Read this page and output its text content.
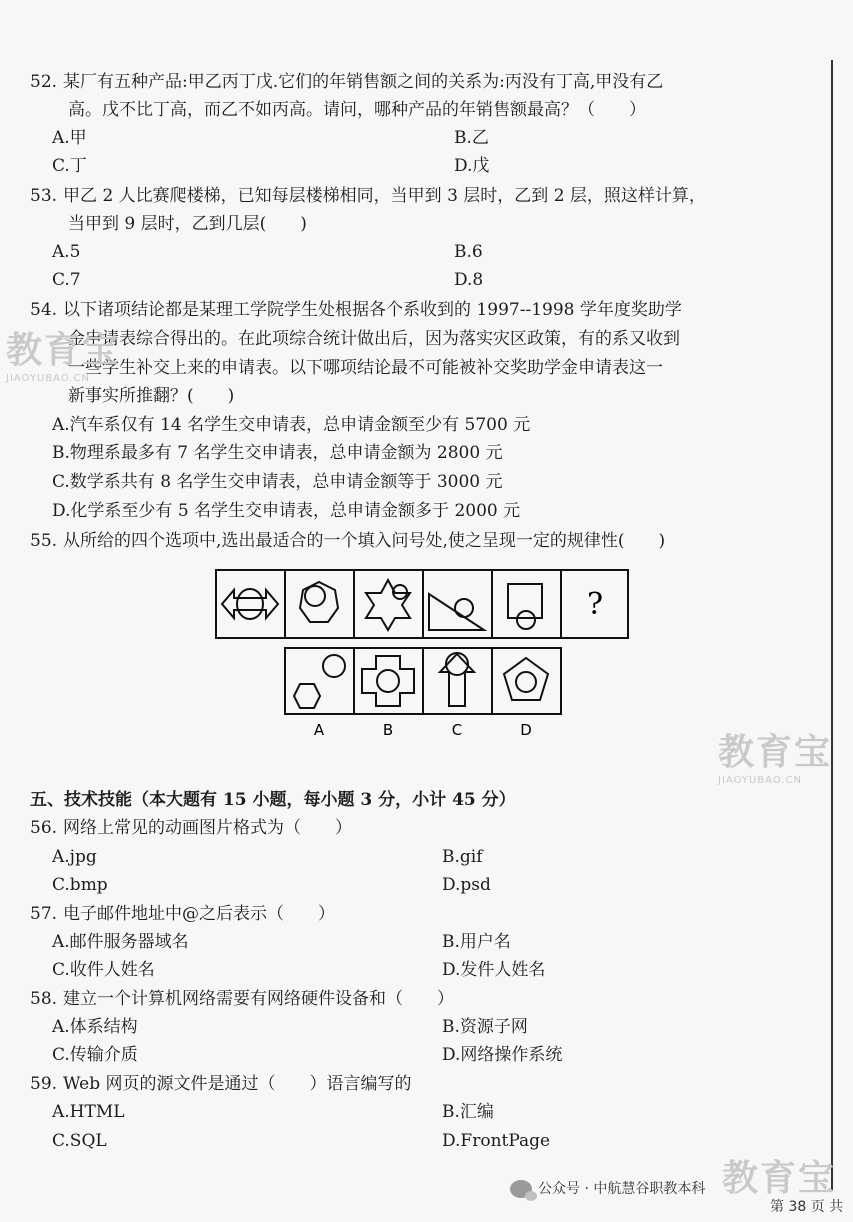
52. 某厂有五种产品:甲乙丙丁戊.它们的年销售额之间的关系为:丙没有丁高,甲没有乙
高。戊不比丁高，而乙不如丙高。请问，哪种产品的年销售额最高？（　　）
A.甲	B.乙
C.丁	D.戊
53. 甲乙 2 人比赛爬楼梯，已知每层楼梯相同，当甲到 3 层时，乙到 2 层，照这样计算，
当甲到 9 层时，乙到几层(　　)
A.5	B.6
C.7	D.8
54. 以下诸项结论都是某理工学院学生处根据各个系收到的 1997--1998 学年度奖助学
金申请表综合得出的。在此项综合统计做出后，因为落实灾区政策，有的系又收到
一些学生补交上来的申请表。以下哪项结论最不可能被补交奖助学金申请表这一
新事实所推翻？(　　)
A.汽车系仅有 14 名学生交申请表，总申请金额至少有 5700 元
B.物理系最多有 7 名学生交申请表，总申请金额为 2800 元
C.数学系共有 8 名学生交申请表，总申请金额等于 3000 元
D.化学系至少有 5 名学生交申请表，总申请金额多于 2000 元
55. 从所给的四个选项中,选出最适合的一个填入问号处,使之呈现一定的规律性(　　)
?
A	B	C	D
五、技术技能（本大题有 15 小题，每小题 3 分，小计 45 分）
56. 网络上常见的动画图片格式为（　　）
A.jpg	B.gif
C.bmp	D.psd
57. 电子邮件地址中@之后表示（　　）
A.邮件服务器域名	B.用户名
C.收件人姓名	D.发件人姓名
58. 建立一个计算机网络需要有网络硬件设备和（　　）
A.体系结构	B.资源子网
C.传输介质	D.网络操作系统
59. Web 网页的源文件是通过（　　）语言编写的
A.HTML	B.汇编
C.SQL	D.FrontPage
教育宝
JIAOYUBAO.CN
教育宝
JIAOYUBAO.CN
教育宝
公众号 · 中航慧谷职教本科
第 38 页 共
